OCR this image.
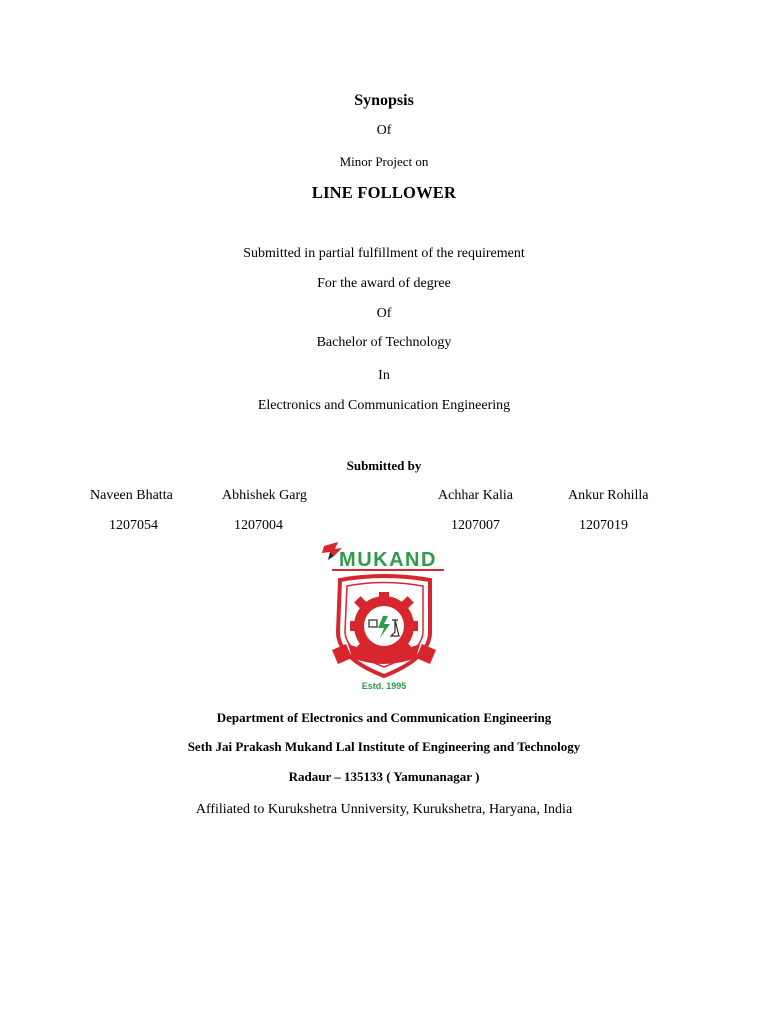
Synopsis
Of
Minor Project on
LINE FOLLOWER
Submitted in partial fulfillment of the requirement
For the award of degree
Of
Bachelor of Technology
In
Electronics and Communication Engineering
Submitted by
Naveen Bhatta	Abhishek Garg	Achhar Kalia	Ankur Rohilla
1207054	1207004	1207007	1207019
MUKAND
Estd. 1995
Department of Electronics and Communication Engineering
Seth Jai Prakash Mukand Lal Institute of Engineering and Technology
Radaur – 135133 ( Yamunanagar )
Affiliated to Kurukshetra Unniversity, Kurukshetra, Haryana, India
